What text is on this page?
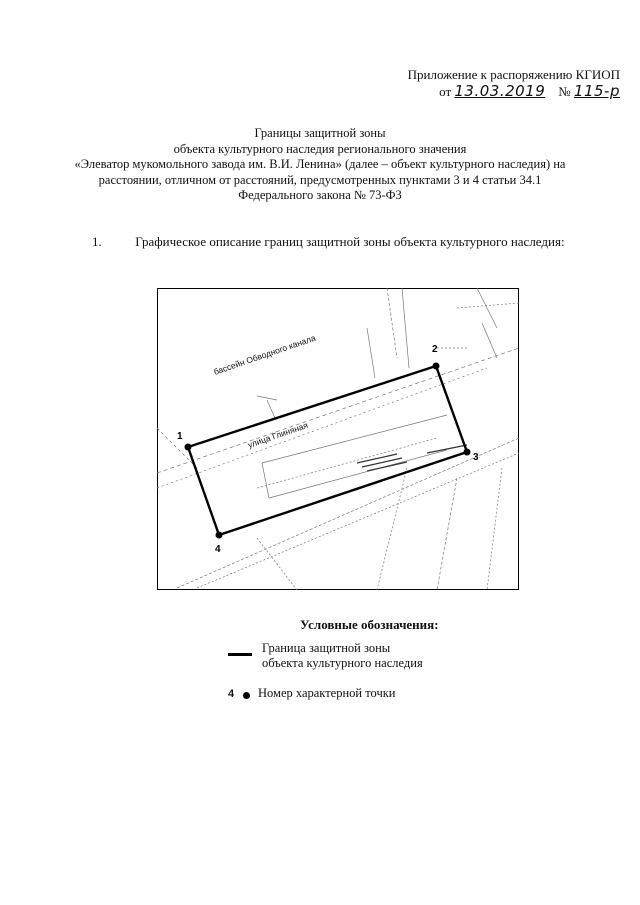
Приложение к распоряжению КГИОП
от 13.03.2019 № 115-р
Границы защитной зоны
объекта культурного наследия регионального значения
«Элеватор мукомольного завода им. В.И. Ленина» (далее – объект культурного наследия) на
расстоянии, отличном от расстояний, предусмотренных пунктами 3 и 4 статьи 34.1
Федерального закона № 73-ФЗ
1.	Графическое описание границ защитной зоны объекта культурного наследия:
бассейн Обводного канала
улица Глиняная
1
2
3
4
Условные обозначения:
Граница защитной зоны
объекта культурного наследия
4 Номер характерной точки
